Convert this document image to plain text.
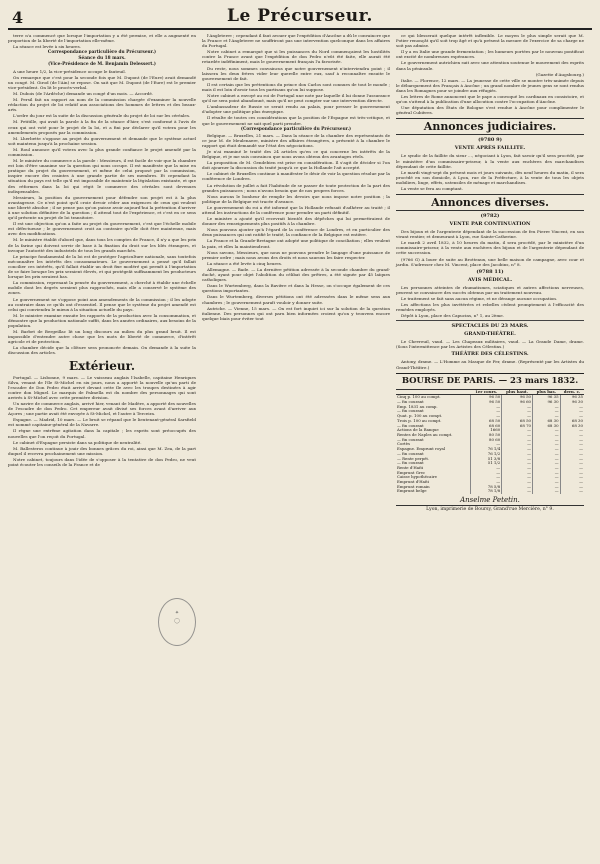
4	Le Précurseur.

terre n'a commencé que lorsque l'importation y a été permise, et elle a augmenté en proportion de la liberté de l'importation elle-même.

La séance est levée à six heures.

Correspondance particulière du Précurseur.)

Séance du 18 mars.

(Vice-Présidence de M. Benjamin Delessert.)

A une heure 1/2, la vice-présidence occupe le fauteuil.

On remarque que c'est pour la seconde fois que M. Dupont (de l'Eure) avait demandé un congé. M. Girod (de l'Ain) se repose. On sait que M. Dupont (de l'Eure) est le premier vice-président. On lit le procès-verbal.

M. Dubois (de l'Ardèche) demande un congé d'un mois. — Accordé.

M. Persil fait un rapport au nom de la commission chargée d'examiner la nouvelle rédaction du projet de loi relatif aux associations des hommes de lettres et des beaux-arts.

L'ordre du jour est la suite de la discussion générale du projet de loi sur les céréales.

M. Petitille, qui avait la parole à la fin de la séance d'hier, s'est conformé à l'avis de ceux qui ont voté pour le projet de la loi, et a fini par déclarer qu'il votera pour les amendements proposés par la commission.

M. Lherbette s'oppose au projet du gouvernement et demande que le système actuel soit maintenu jusqu'à la prochaine session.

M. Roul annonce qu'il votera avec la plus grande confiance le projet amendé par la commission.

M. le ministre du commerce a la parole : Messieurs, il est facile de voir que la chambre est loin d'être unanime sur la question qui nous occupe. Il est manifeste que la mise en pratique du projet du gouvernement, et même de celui proposé par la commission, inspire encore des craintes à une grande partie de ses membres. Et cependant la situation du pays est telle qu'il est impossible de maintenir la législation existante, et que des réformes dans la loi qui régit le commerce des céréales sont devenues indispensables.

Messieurs, la position du gouvernement pour défendre son projet est à la plus avantageuse. Ce n'est point qu'il croie devoir céder aux exigences de ceux qui veulent une liberté absolue ; il ne pense pas qu'on puisse avoir aujourd'hui la prétention d'arriver à une solution définitive de la question ; il attend tout de l'expérience, et c'est en ce sens qu'il présente un projet de loi transitoire.

Il est une objection qu'on a faite au projet du gouvernement, c'est que l'échelle mobile est défectueuse ; le gouvernement croit au contraire qu'elle doit être maintenue, mais avec des modifications.

M. le ministre établit d'abord que, dans tous les comptes de France, il n'y a que les prix de la farine qui doivent servir de base à la fixation du droit sur les blés étrangers, et invoque l'autorité des industriels de tous les grands marchés.

Le principe fondamental de la loi est de protéger l'agriculture nationale, sans toutefois méconnaître les intérêts des consommateurs. Le gouvernement a pensé qu'il fallait concilier ces intérêts, qu'il fallait établir un droit fixe modéré qui permît à l'importation de se faire lorsque les prix seraient élevés, et qui protégeât suffisamment les producteurs lorsque les prix seraient bas.

La commission, reprenant la pensée du gouvernement, a cherché à établir une échelle mobile dont les degrés seraient plus rapprochés, mais elle a conservé le système des zones.

Le gouvernement ne s'oppose point aux amendements de la commission ; il les adopte au contraire dans ce qu'ils ont d'essentiel. Il pense que le système du projet amendé est celui qui conviendra le mieux à la situation actuelle du pays.

M. le ministre examine ensuite les rapports de la production avec la consommation, et démontre que la production nationale suffit, dans les années ordinaires, aux besoins de la population.

M. Barbet de Bergeillac lit un long discours au milieu du plus grand bruit. Il est impossible d'entendre autre chose que les mots de liberté de commerce, d'intérêt agricole et de protection.

La chambre décide que la clôture sera prononcée demain. On demande à la suite la discussion des articles.

Extérieur.

Portugal. — Lisbonne, 9 mars. — Le vaisseau anglais l'Isabelle, capitaine Henriques Silva, venant de l'île St-Michel en six jours, nous a apporté la nouvelle qu'un parti de l'escadre de Don Pedro était arrivé devant cette île avec les troupes destinées à agir contre don Miguel. Le marquis de Palmella est du nombre des personnages qui sont arrivés à St-Michel avec cette première division.

Un navire de commerce anglais, arrivé hier, venant de Madère, a apporté des nouvelles de l'escadre de don Pedro. Cet empereur avait divisé ses forces avant d'arriver aux Açores ; une partie avait été envoyée à St-Michel, et l'autre à Terceira.

Espagne. — Madrid, 10 mars. — Le bruit se répand que le lieutenant-général Sarsfield est nommé capitaine-général de la Navarre.

Il règne une extrême agitation dans la capitale ; les esprits sont préoccupés des nouvelles que l'on reçoit du Portugal.

Le cabinet d'Espagne persiste dans sa politique de neutralité.

M. Ballesteros continue à jouir des bonnes grâces du roi, ainsi que M. Zea, de la part duquel il recevra prochainement une mission.

Notre cabinet, toujours dans l'idée de s'opposer à la tentative de don Pedro, ne veut point écouter les conseils de la France et de

l'Angleterre ; cependant il faut avouer que l'expédition d'Ancône a dû le convaincre que la France et l'Angleterre ne souffriront pas une intervention quelconque dans les affaires du Portugal.

Notre cabinet a remarqué que si les puissances du Nord commençaient les hostilités contre la France avant que l'expédition de don Pedro n'eût été faite, elle aurait été retardée indéfiniment, mais le gouvernement français l'a favorisée.

Du reste, nous sommes convaincus que notre gouvernement n'interviendra point ; il laissera les deux frères vider leur querelle entre eux, sauf à reconnaître ensuite le gouvernement de fait.

Il est certain que les prétentions du prince don Carlos sont connues de tout le monde ; mais il est loin d'avoir tous les partisans qu'on lui suppose.

Notre cabinet a envoyé au roi de Portugal une note par laquelle il lui donne l'assurance qu'il ne sera point abandonné, mais qu'il ne peut compter sur une intervention directe.

L'ambassadeur de Russie se serait rendu au palais, pour presser le gouvernement d'adopter une politique plus énergique.

Il résulte de toutes ces considérations que la position de l'Espagne est très-critique, et que le gouvernement ne sait quel parti prendre.

(Correspondance particulière du Précurseur.)

Belgique. — Bruxelles, 21 mars. — Dans la séance de la chambre des représentants de ce jour M. de Meulenaere, ministre des affaires étrangères, a présenté à la chambre le rapport qui était demandé sur l'état des négociations.

Je n'ai examiné le traité des 24 articles qu'en ce qui concerne les intérêts de la Belgique, et je me suis convaincu que nous avons obtenu des avantages réels.

La proposition de M. Gendebien est prise en considération. Il s'agit de décider si l'on doit ajourner la discussion du traité jusqu'à ce que la Hollande l'ait accepté.

Le cabinet de Bruxelles continue à manifester le désir de voir la question résolue par la conférence de Londres.

La révolution de juillet a fait l'habitude de se passer de toute protection de la part des grandes puissances ; nous n'avons besoin que de nos propres forces.

Nous aurons le bonheur de remplir les devoirs que nous impose notre position ; la politique de la Belgique est tracée d'avance.

Le gouvernement du roi a été informé que la Hollande refusait d'adhérer au traité ; il attend les instructions de la conférence pour prendre un parti définitif.

Le ministre a ajouté qu'il recevrait bientôt des dépêches qui lui permettraient de donner des renseignements plus positifs à la chambre.

Nous pouvons ajouter qu'à l'égard de la conférence de Londres, et en particulier des deux puissances qui ont ratifié le traité, la confiance de la Belgique est entière.

La France et la Grande-Bretagne ont adopté une politique de conciliation ; elles veulent la paix, et elles la maintiendront.

Nous savons, Messieurs, que nous ne pouvons prendre le langage d'une puissance de premier ordre ; mais nous avons des droits et nous saurons les faire respecter.

La séance a été levée à cinq heures.

Allemagne. — Bade. — La dernière pétition adressée à la seconde chambre du grand-duché, ayant pour objet l'abolition du célibat des prêtres, a été signée par 45 laïques catholiques.

Dans le Wurtemberg, dans la Bavière et dans la Hesse, on s'occupe également de ces questions importantes.

Dans le Wurtemberg, diverses pétitions ont été adressées dans le même sens aux chambres ; le gouvernement paraît vouloir y donner suite.

Autriche. — Vienne, 15 mars. — On est fort inquiet ici sur la solution de la question italienne. Des personnes qui ont paru bien informées croient qu'on y trouvera encore quelque biais pour éviter tout

ce qui blesserait quelque intérêt inflexible. Le moyen le plus simple serait que M. Potier renonçât qu'il soit trop âgé et qu'à présent la mesure de l'exercice de sa charge ne soit pas admise.

Il y a en Italie une grande fermentation ; les humeurs portées par le nouveau pontificat ont excité de nombreuses espérances.

Le gouvernement autrichien suit avec une attention soutenue le mouvement des esprits dans la péninsule.

(Gazette d'Augsbourg.)

Italie. — Florence, 12 mars. — La jeunesse de cette ville se montre très-animée depuis le débarquement des Français à Ancône ; un grand nombre de jeunes gens se sont rendus dans les Romagnes pour se joindre aux réfugiés.

Les lettres de Rome annoncent que le pape a convoqué les cardinaux en consistoire, et qu'on s'attend à la publication d'une allocution contre l'occupation d'Ancône.

Une députation des États de Bologne s'est rendue à Ancône pour complimenter le général Cubières.

Annonces judiciaires.
(9780 9)
VENTE APRÈS FAILLITE.

Le syndic de la faillite du sieur ..., négociant à Lyon, fait savoir qu'il sera procédé, par le ministère d'un commissaire-priseur, à la vente aux enchères des marchandises dépendant de cette faillite.

Le mardi vingt-sept du présent mois et jours suivants, dès neuf heures du matin, il sera procédé en son domicile, à Lyon, rue de la Préfecture, à la vente de tous les objets mobiliers, linge, effets, ustensiles de ménage et marchandises.

La vente se fera au comptant.

Annonces diverses.
(9782)
VENTE PAR CONTINUATION

Des bijoux et de l'argenterie dépendant de la succession de feu Pierre Vincent, en son vivant rentier, et demeurant à Lyon, rue Sainte-Catherine.

Le mardi 2 avril 1832, à 10 heures du matin, il sera procédé, par le ministère d'un commissaire-priseur, à la vente aux enchères des bijoux et de l'argenterie dépendant de cette succession.

(9766 G) A louer de suite au Brotteaux, une belle maison de campagne, avec cour et jardin. S'adresser chez M. Vincent, place des Jacobins, n° 8.

(9788 11)
AVIS MÉDICAL.

Les personnes atteintes de rhumatismes, sciatiques et autres affections nerveuses, peuvent se convaincre des succès obtenus par un traitement nouveau.

Le traitement se fait sans aucun régime, et ne dérange aucune occupation.

Les affections les plus invétérées et rebelles cèdent promptement à l'efficacité des remèdes employés.

Dépôt à Lyon, place des Capucins, n° 1, au 2ème.

SPECTACLES DU 23 MARS.
GRAND-THÉÂTRE.

Le Chevreuil, vaud. — Les Chapeaux militaires, vaud. — La Grande Dame, drame. (Sous l'intermittence par les Artistes des Célestins.)

THÉÂTRE DES CÉLESTINS.

Antony, drame. — L'Homme au Masque de Fer, drame. (Représenté par les Artistes du Grand-Théâtre.)

BOURSE DE PARIS. — 23 mars 1832.
	1er cours.	plus haut.	plus bas.	dern. c.
Cinq p. 100 au compt.	96 50	96 50	96 35	96 35
— fin courant	96 50	96 60	96 30	96 30
Emp. 1831 au comp.	—	—	—	—
— fin courant	—	—	—	—
Quat. p. 100 au compt.	—	—	—	—
Trois p. 100 au compt.	68 50	68 50	68 30	68 30
— fin courant	68 60	68 70	68 30	68 30
Actions de la Banque	1660	—	—	—
Rentes de Naples au compt.	80 50	—	—	—
— fin courant	80 60	—	—	—
Cortès	—	—	—	—
Espagne. Emprunt royal	76 1/4	—	—	—
— fin courant	76 1/2	—	—	—
— Rente perpét.	51 3/8	—	—	—
— fin courant	51 1/2	—	—	—
Rente d'Haïti	—	—	—	—
Emprunt Grec	—	—	—	—
Caisse hypothécaire	—	—	—	—
Emprunt d'Haïti	—	—	—	—
Emprunt romain	78 5/8	—	—	—
Emprunt belge	78 1/8	—	—	—
Anselme Petetin.
Lyon, imprimerie de Boursy, Grand'rue Mercière, n° 9.
✦
◯
